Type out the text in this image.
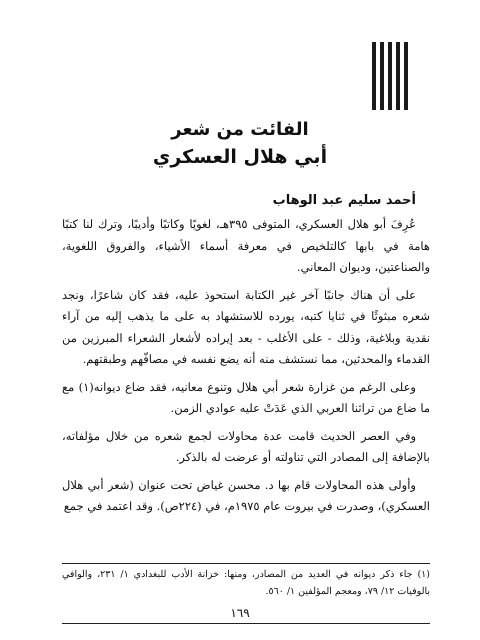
الفائت من شعر
أبي هلال العسكري
أحمد سليم عبد الوهاب

عُرِفَ أبو هلال العسكري، المتوفى ٣٩٥هـ، لغويًا وكاتبًا وأديبًا، وترك لنا كتبًا هامة في بابها كالتلخيص في معرفة أسماء الأشياء، والفروق اللغوية، والصناعتين، وديوان المعاني.

على أن هناك جانبًا آخر غير الكتابة استحوذ عليه، فقد كان شاعرًا، ونجد شعره مبثوثًا في ثنايا كتبه، يورده للاستشهاد به على ما يذهب إليه من آراء نقدية وبلاغية، وذلك - على الأغلب - بعد إيراده لأشعار الشعراء المبرزين من القدماء والمحدثين، مما نستشف منه أنه يضع نفسه في مصافّهم وطبقتهم.

وعلى الرغم من غزارة شعر أبي هلال وتنوع معانيه، فقد ضاع ديوانه(١) مع ما ضاع من تراثنا العربي الذي عَدَتْ عليه عوادي الزمن.

وفي العصر الحديث قامت عدة محاولات لجمع شعره من خلال مؤلفاته، بالإضافة إلى المصادر التي تناولته أو عرضت له بالذكر.

وأولى هذه المحاولات قام بها د. محسن غياض تحت عنوان (شعر أبي هلال العسكري)، وصدرت في بيروت عام ١٩٧٥م، في (٢٢٤ص). وقد اعتمد في جمع

(١) جاء ذكر ديوانه في العديد من المصادر، ومنها: خزانة الأدب للبغدادي ١/ ٢٣١، والوافي بالوفيات ١٢/ ٧٩، ومعجم المؤلفين ١/ ٥٦٠.
١٦٩
